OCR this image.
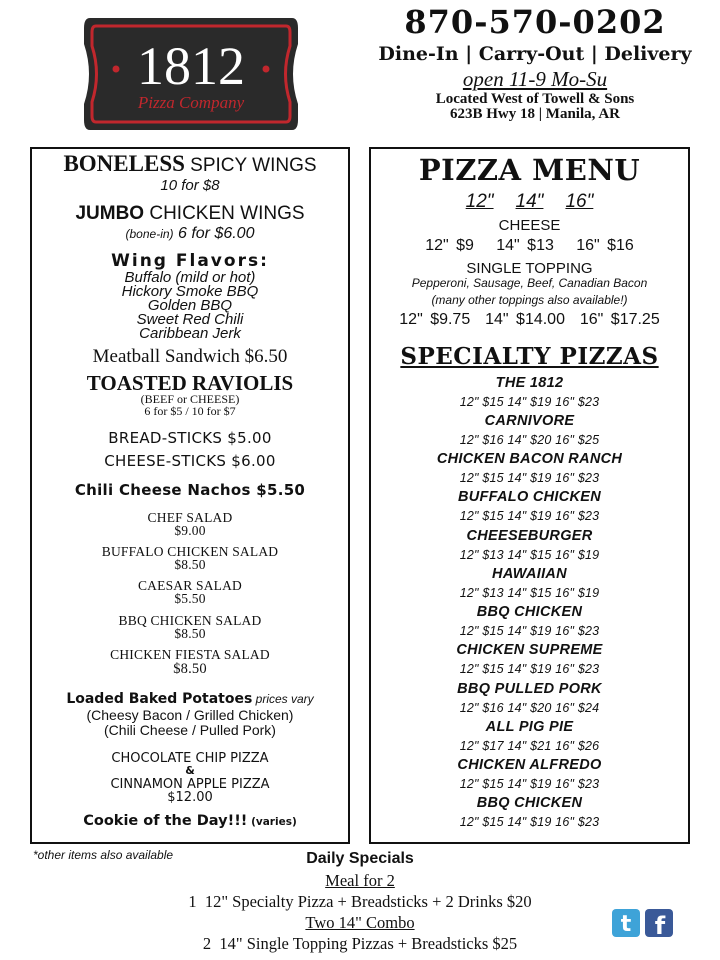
1812
Pizza Company
870-570-0202
Dine-In | Carry-Out | Delivery
open 11-9 Mo-Su
Located West of Towell & Sons
623B Hwy 18 | Manila, AR
BONELESS SPICY WINGS
10 for $8
JUMBO CHICKEN WINGS
(bone-in) 6 for $6.00
Wing Flavors:
Buffalo (mild or hot)
Hickory Smoke BBQ
Golden BBQ
Sweet Red Chili
Caribbean Jerk
Meatball Sandwich $6.50
TOASTED RAVIOLIS
(BEEF or CHEESE)
6 for $5 / 10 for $7
BREAD-STICKS $5.00
CHEESE-STICKS $6.00
Chili Cheese Nachos $5.50
CHEF SALAD
$9.00
BUFFALO CHICKEN SALAD
$8.50
CAESAR SALAD
$5.50
BBQ CHICKEN SALAD
$8.50
CHICKEN FIESTA SALAD
$8.50
Loaded Baked Potatoes prices vary
(Cheesy Bacon / Grilled Chicken)
(Chili Cheese / Pulled Pork)
CHOCOLATE CHIP PIZZA
&
CINNAMON APPLE PIZZA
$12.00
Cookie of the Day!!! (varies)
PIZZA MENU
12" 14" 16"
CHEESE
12" $9   14" $13   16" $16
SINGLE TOPPING
Pepperoni, Sausage, Beef, Canadian Bacon
(many other toppings also available!)
12" $9.75  14" $14.00  16" $17.25
SPECIALTY PIZZAS
THE 1812
12" $15 14" $19 16" $23
CARNIVORE
12" $16 14" $20 16" $25
CHICKEN BACON RANCH
12" $15 14" $19 16" $23
BUFFALO CHICKEN
12" $15 14" $19 16" $23
CHEESEBURGER
12" $13 14" $15 16" $19
HAWAIIAN
12" $13 14" $15 16" $19
BBQ CHICKEN
12" $15 14" $19 16" $23
CHICKEN SUPREME
12" $15 14" $19 16" $23
BBQ PULLED PORK
12" $16 14" $20 16" $24
ALL PIG PIE
12" $17 14" $21 16" $26
CHICKEN ALFREDO
12" $15 14" $19 16" $23
BBQ CHICKEN
12" $15 14" $19 16" $23
*other items also available	Daily Specials
Meal for 2
1  12" Specialty Pizza + Breadsticks + 2 Drinks $20
Two 14" Combo
2  14" Single Topping Pizzas + Breadsticks $25
t f
